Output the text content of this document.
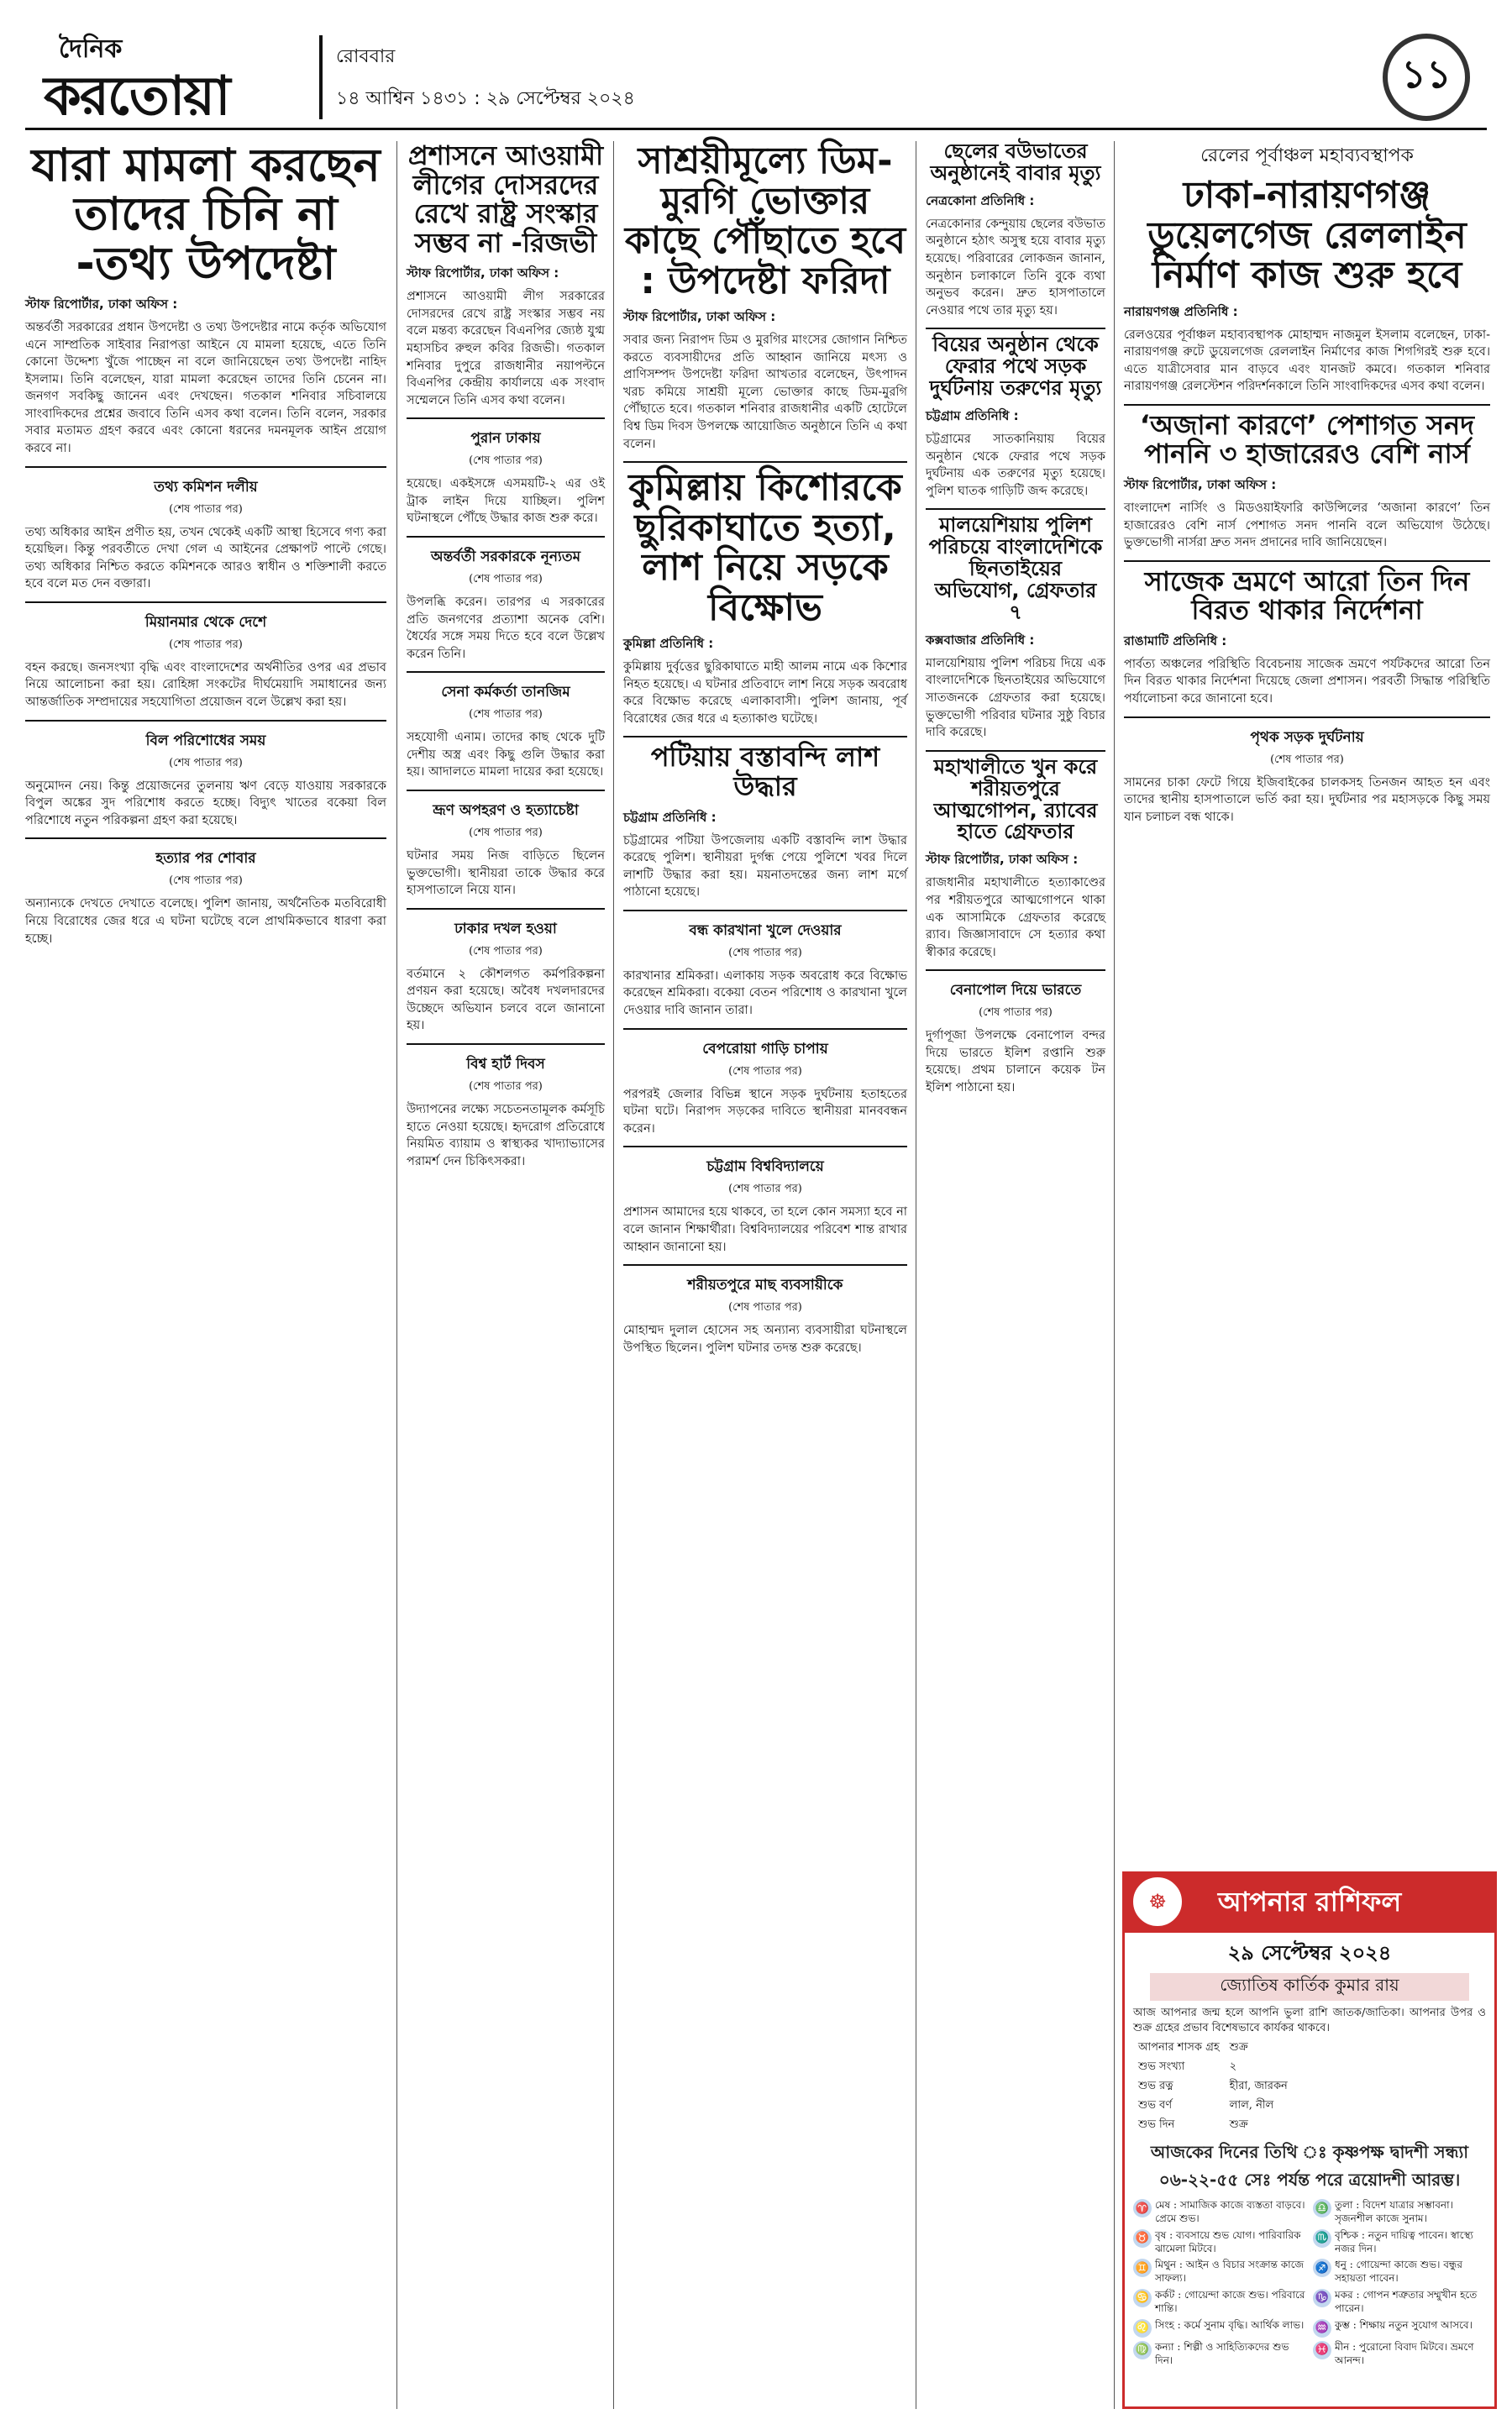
দৈনিক
করতোয়া
রোববার
১৪ আশ্বিন ১৪৩১ : ২৯ সেপ্টেম্বর ২০২৪
১১
যারা মামলা করছেন তাদের চিনি না -তথ্য উপদেষ্টা

স্টাফ রিপোর্টার, ঢাকা অফিস :

অন্তর্বর্তী সরকারের প্রধান উপদেষ্টা ও তথ্য উপদেষ্টার নামে কর্তৃক অভিযোগ এনে সাম্প্রতিক সাইবার নিরাপত্তা আইনে যে মামলা হয়েছে, এতে তিনি কোনো উদ্দেশ্য খুঁজে পাচ্ছেন না বলে জানিয়েছেন তথ্য উপদেষ্টা নাহিদ ইসলাম। তিনি বলেছেন, যারা মামলা করেছেন তাদের তিনি চেনেন না। জনগণ সবকিছু জানেন এবং দেখছেন। গতকাল শনিবার সচিবালয়ে সাংবাদিকদের প্রশ্নের জবাবে তিনি এসব কথা বলেন। তিনি বলেন, সরকার সবার মতামত গ্রহণ করবে এবং কোনো ধরনের দমনমূলক আইন প্রয়োগ করবে না।

তথ্য কমিশন দলীয়

(শেষ পাতার পর)

তথ্য অধিকার আইন প্রণীত হয়, তখন থেকেই একটি আস্থা হিসেবে গণ্য করা হয়েছিল। কিন্তু পরবর্তীতে দেখা গেল এ আইনের প্রেক্ষাপট পাল্টে গেছে। তথ্য অধিকার নিশ্চিত করতে কমিশনকে আরও স্বাধীন ও শক্তিশালী করতে হবে বলে মত দেন বক্তারা।

মিয়ানমার থেকে দেশে

(শেষ পাতার পর)

বহন করছে। জনসংখ্যা বৃদ্ধি এবং বাংলাদেশের অর্থনীতির ওপর এর প্রভাব নিয়ে আলোচনা করা হয়। রোহিঙ্গা সংকটের দীর্ঘমেয়াদি সমাধানের জন্য আন্তর্জাতিক সম্প্রদায়ের সহযোগিতা প্রয়োজন বলে উল্লেখ করা হয়।

বিল পরিশোধের সময়

(শেষ পাতার পর)

অনুমোদন নেয়। কিন্তু প্রয়োজনের তুলনায় ঋণ বেড়ে যাওয়ায় সরকারকে বিপুল অঙ্কের সুদ পরিশোধ করতে হচ্ছে। বিদ্যুৎ খাতের বকেয়া বিল পরিশোধে নতুন পরিকল্পনা গ্রহণ করা হয়েছে।

হত্যার পর শোবার

(শেষ পাতার পর)

অন্যান্যকে দেখতে দেখাতে বলেছে। পুলিশ জানায়, অর্থনৈতিক মতবিরোধী নিয়ে বিরোধের জের ধরে এ ঘটনা ঘটেছে বলে প্রাথমিকভাবে ধারণা করা হচ্ছে।

প্রশাসনে আওয়ামী লীগের দোসরদের রেখে রাষ্ট্র সংস্কার সম্ভব না -রিজভী

স্টাফ রিপোর্টার, ঢাকা অফিস :

প্রশাসনে আওয়ামী লীগ সরকারের দোসরদের রেখে রাষ্ট্র সংস্কার সম্ভব নয় বলে মন্তব্য করেছেন বিএনপির জ্যেষ্ঠ যুগ্ম মহাসচিব রুহুল কবির রিজভী। গতকাল শনিবার দুপুরে রাজধানীর নয়াপল্টনে বিএনপির কেন্দ্রীয় কার্যালয়ে এক সংবাদ সম্মেলনে তিনি এসব কথা বলেন।

পুরান ঢাকায়

(শেষ পাতার পর)

হয়েছে। একইসঙ্গে এসময়টি-২ এর ওই ট্রাক লাইন দিয়ে যাচ্ছিল। পুলিশ ঘটনাস্থলে পৌঁছে উদ্ধার কাজ শুরু করে।

অন্তর্বর্তী সরকারকে নূন্যতম

(শেষ পাতার পর)

উপলব্ধি করেন। তারপর এ সরকারের প্রতি জনগণের প্রত্যাশা অনেক বেশি। ধৈর্যের সঙ্গে সময় দিতে হবে বলে উল্লেখ করেন তিনি।

সেনা কর্মকর্তা তানজিম

(শেষ পাতার পর)

সহযোগী এনাম। তাদের কাছ থেকে দুটি দেশীয় অস্ত্র এবং কিছু গুলি উদ্ধার করা হয়। আদালতে মামলা দায়ের করা হয়েছে।

ভ্রূণ অপহরণ ও হত্যাচেষ্টা

(শেষ পাতার পর)

ঘটনার সময় নিজ বাড়িতে ছিলেন ভুক্তভোগী। স্থানীয়রা তাকে উদ্ধার করে হাসপাতালে নিয়ে যান।

ঢাকার দখল হওয়া

(শেষ পাতার পর)

বর্তমানে ২ কৌশলগত কর্মপরিকল্পনা প্রণয়ন করা হয়েছে। অবৈধ দখলদারদের উচ্ছেদে অভিযান চলবে বলে জানানো হয়।

বিশ্ব হার্ট দিবস

(শেষ পাতার পর)

উদ্যাপনের লক্ষ্যে সচেতনতামূলক কর্মসূচি হাতে নেওয়া হয়েছে। হৃদরোগ প্রতিরোধে নিয়মিত ব্যায়াম ও স্বাস্থ্যকর খাদ্যাভ্যাসের পরামর্শ দেন চিকিৎসকরা।

সাশ্রয়ীমূল্যে ডিম-মুরগি ভোক্তার কাছে পৌঁছাতে হবে : উপদেষ্টা ফরিদা

স্টাফ রিপোর্টার, ঢাকা অফিস :

সবার জন্য নিরাপদ ডিম ও মুরগির মাংসের জোগান নিশ্চিত করতে ব্যবসায়ীদের প্রতি আহ্বান জানিয়ে মৎস্য ও প্রাণিসম্পদ উপদেষ্টা ফরিদা আখতার বলেছেন, উৎপাদন খরচ কমিয়ে সাশ্রয়ী মূল্যে ভোক্তার কাছে ডিম-মুরগি পৌঁছাতে হবে। গতকাল শনিবার রাজধানীর একটি হোটেলে বিশ্ব ডিম দিবস উপলক্ষে আয়োজিত অনুষ্ঠানে তিনি এ কথা বলেন।

কুমিল্লায় কিশোরকে ছুরিকাঘাতে হত্যা, লাশ নিয়ে সড়কে বিক্ষোভ

কুমিল্লা প্রতিনিধি :

কুমিল্লায় দুর্বৃত্তের ছুরিকাঘাতে মাহী আলম নামে এক কিশোর নিহত হয়েছে। এ ঘটনার প্রতিবাদে লাশ নিয়ে সড়ক অবরোধ করে বিক্ষোভ করেছে এলাকাবাসী। পুলিশ জানায়, পূর্ব বিরোধের জের ধরে এ হত্যাকাণ্ড ঘটেছে।

পটিয়ায় বস্তাবন্দি লাশ উদ্ধার

চট্টগ্রাম প্রতিনিধি :

চট্টগ্রামের পটিয়া উপজেলায় একটি বস্তাবন্দি লাশ উদ্ধার করেছে পুলিশ। স্থানীয়রা দুর্গন্ধ পেয়ে পুলিশে খবর দিলে লাশটি উদ্ধার করা হয়। ময়নাতদন্তের জন্য লাশ মর্গে পাঠানো হয়েছে।

বন্ধ কারখানা খুলে দেওয়ার

(শেষ পাতার পর)

কারখানার শ্রমিকরা। এলাকায় সড়ক অবরোধ করে বিক্ষোভ করেছেন শ্রমিকরা। বকেয়া বেতন পরিশোধ ও কারখানা খুলে দেওয়ার দাবি জানান তারা।

বেপরোয়া গাড়ি চাপায়

(শেষ পাতার পর)

পরপরই জেলার বিভিন্ন স্থানে সড়ক দুর্ঘটনায় হতাহতের ঘটনা ঘটে। নিরাপদ সড়কের দাবিতে স্থানীয়রা মানববন্ধন করেন।

চট্টগ্রাম বিশ্ববিদ্যালয়ে

(শেষ পাতার পর)

প্রশাসন আমাদের হয়ে থাকবে, তা হলে কোন সমস্যা হবে না বলে জানান শিক্ষার্থীরা। বিশ্ববিদ্যালয়ের পরিবেশ শান্ত রাখার আহ্বান জানানো হয়।

শরীয়তপুরে মাছ ব্যবসায়ীকে

(শেষ পাতার পর)

মোহাম্মদ দুলাল হোসেন সহ অন্যান্য ব্যবসায়ীরা ঘটনাস্থলে উপস্থিত ছিলেন। পুলিশ ঘটনার তদন্ত শুরু করেছে।

ছেলের বউভাতের অনুষ্ঠানেই বাবার মৃত্যু

নেত্রকোনা প্রতিনিধি :

নেত্রকোনার কেন্দুয়ায় ছেলের বউভাত অনুষ্ঠানে হঠাৎ অসুস্থ হয়ে বাবার মৃত্যু হয়েছে। পরিবারের লোকজন জানান, অনুষ্ঠান চলাকালে তিনি বুকে ব্যথা অনুভব করেন। দ্রুত হাসপাতালে নেওয়ার পথে তার মৃত্যু হয়।

বিয়ের অনুষ্ঠান থেকে ফেরার পথে সড়ক দুর্ঘটনায় তরুণের মৃত্যু

চট্টগ্রাম প্রতিনিধি :

চট্টগ্রামের সাতকানিয়ায় বিয়ের অনুষ্ঠান থেকে ফেরার পথে সড়ক দুর্ঘটনায় এক তরুণের মৃত্যু হয়েছে। পুলিশ ঘাতক গাড়িটি জব্দ করেছে।

মালয়েশিয়ায় পুলিশ পরিচয়ে বাংলাদেশিকে ছিনতাইয়ের অভিযোগ, গ্রেফতার ৭

কক্সবাজার প্রতিনিধি :

মালয়েশিয়ায় পুলিশ পরিচয় দিয়ে এক বাংলাদেশিকে ছিনতাইয়ের অভিযোগে সাতজনকে গ্রেফতার করা হয়েছে। ভুক্তভোগী পরিবার ঘটনার সুষ্ঠু বিচার দাবি করেছে।

মহাখালীতে খুন করে শরীয়তপুরে আত্মগোপন, র‌্যাবের হাতে গ্রেফতার

স্টাফ রিপোর্টার, ঢাকা অফিস :

রাজধানীর মহাখালীতে হত্যাকাণ্ডের পর শরীয়তপুরে আত্মগোপনে থাকা এক আসামিকে গ্রেফতার করেছে র‌্যাব। জিজ্ঞাসাবাদে সে হত্যার কথা স্বীকার করেছে।

বেনাপোল দিয়ে ভারতে

(শেষ পাতার পর)

দুর্গাপূজা উপলক্ষে বেনাপোল বন্দর দিয়ে ভারতে ইলিশ রপ্তানি শুরু হয়েছে। প্রথম চালানে কয়েক টন ইলিশ পাঠানো হয়।

রেলের পূর্বাঞ্চল মহাব্যবস্থাপক

ঢাকা-নারায়ণগঞ্জ ডুয়েলগেজ রেললাইন নির্মাণ কাজ শুরু হবে

নারায়ণগঞ্জ প্রতিনিধি :

রেলওয়ের পূর্বাঞ্চল মহাব্যবস্থাপক মোহাম্মদ নাজমুল ইসলাম বলেছেন, ঢাকা-নারায়ণগঞ্জ রুটে ডুয়েলগেজ রেললাইন নির্মাণের কাজ শিগগিরই শুরু হবে। এতে যাত্রীসেবার মান বাড়বে এবং যানজট কমবে। গতকাল শনিবার নারায়ণগঞ্জ রেলস্টেশন পরিদর্শনকালে তিনি সাংবাদিকদের এসব কথা বলেন।

‘অজানা কারণে’ পেশাগত সনদ পাননি ৩ হাজারেরও বেশি নার্স

স্টাফ রিপোর্টার, ঢাকা অফিস :

বাংলাদেশ নার্সিং ও মিডওয়াইফারি কাউন্সিলের ‘অজানা কারণে’ তিন হাজারেরও বেশি নার্স পেশাগত সনদ পাননি বলে অভিযোগ উঠেছে। ভুক্তভোগী নার্সরা দ্রুত সনদ প্রদানের দাবি জানিয়েছেন।

সাজেক ভ্রমণে আরো তিন দিন বিরত থাকার নির্দেশনা

রাঙামাটি প্রতিনিধি :

পার্বত্য অঞ্চলের পরিস্থিতি বিবেচনায় সাজেক ভ্রমণে পর্যটকদের আরো তিন দিন বিরত থাকার নির্দেশনা দিয়েছে জেলা প্রশাসন। পরবর্তী সিদ্ধান্ত পরিস্থিতি পর্যালোচনা করে জানানো হবে।

পৃথক সড়ক দুর্ঘটনায়

(শেষ পাতার পর)

সামনের চাকা ফেটে গিয়ে ইজিবাইকের চালকসহ তিনজন আহত হন এবং তাদের স্থানীয় হাসপাতালে ভর্তি করা হয়। দুর্ঘটনার পর মহাসড়কে কিছু সময় যান চলাচল বন্ধ থাকে।

আপনার রাশিফল
২৯ সেপ্টেম্বর ২০২৪
জ্যোতিষ কার্তিক কুমার রায়

আজ আপনার জন্ম হলে আপনি ভুলা রাশি জাতক/জাতিকা। আপনার উপর ও শুক্র গ্রহের প্রভাব বিশেষভাবে কার্যকর থাকবে।

আপনার শাসক গ্রহ	শুক্র
শুভ সংখ্যা	২
শুভ রত্ন	হীরা, জারকন
শুভ বর্ণ	লাল, নীল
শুভ দিন	শুক্র
আজকের দিনের তিথি ঃ কৃষ্ণপক্ষ দ্বাদশী সন্ধ্যা ০৬-২২-৫৫ সেঃ পর্যন্ত পরে ত্রয়োদশী আরম্ভ।
♈ মেষ : সামাজিক কাজে ব্যস্ততা বাড়বে। প্রেমে শুভ।
♎ তুলা : বিদেশ যাত্রার সম্ভাবনা। সৃজনশীল কাজে সুনাম।
♉ বৃষ : ব্যবসায়ে শুভ যোগ। পারিবারিক ঝামেলা মিটবে।
♏ বৃশ্চিক : নতুন দায়িত্ব পাবেন। স্বাস্থ্যে নজর দিন।
♊ মিথুন : আইন ও বিচার সংক্রান্ত কাজে সাফল্য।
♐ ধনু : গোয়েন্দা কাজে শুভ। বন্ধুর সহায়তা পাবেন।
♋ কর্কট : গোয়েন্দা কাজে শুভ। পরিবারে শান্তি।
♑ মকর : গোপন শত্রুতার সম্মুখীন হতে পারেন।
♌ সিংহ : কর্মে সুনাম বৃদ্ধি। আর্থিক লাভ। ♒ কুম্ভ : শিক্ষায় নতুন সুযোগ আসবে।
♍ কন্যা : শিল্পী ও সাহিত্যিকদের শুভ দিন।
♓ মীন : পুরোনো বিবাদ মিটবে। ভ্রমণে আনন্দ।
☸
